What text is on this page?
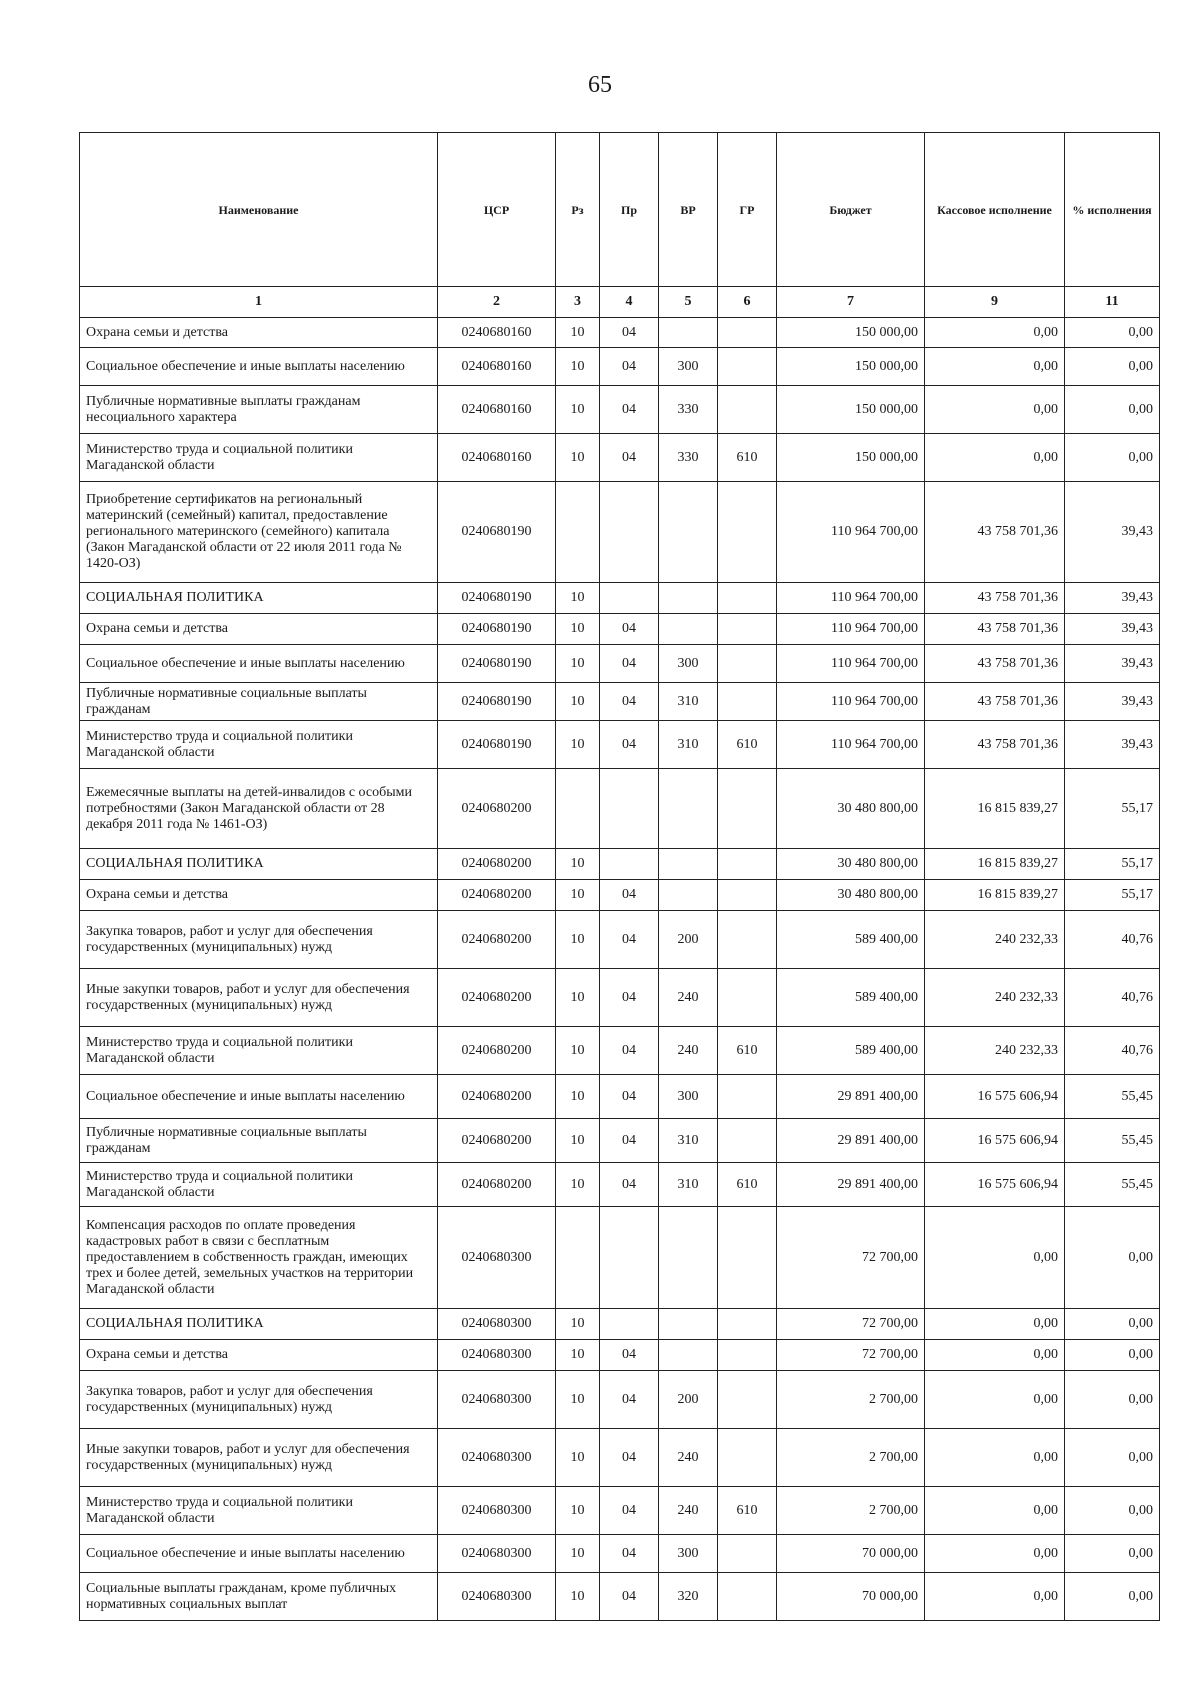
65
Наименование	ЦСР	Рз	Пр	ВР	ГР	Бюджет	Кассовое исполнение	% исполнения
1	2	3	4	5	6	7	9	11
Охрана семьи и детства	0240680160	10	04			150 000,00	0,00	0,00
Социальное обеспечение и иные выплаты населению	0240680160	10	04	300		150 000,00	0,00	0,00
Публичные нормативные выплаты гражданам несоциального характера	0240680160	10	04	330		150 000,00	0,00	0,00
Министерство труда и социальной политики Магаданской области	0240680160	10	04	330	610	150 000,00	0,00	0,00
Приобретение сертификатов на региональный материнский (семейный) капитал, предоставление регионального материнского (семейного) капитала (Закон Магаданской области от 22 июля 2011 года № 1420-ОЗ)	0240680190					110 964 700,00	43 758 701,36	39,43
СОЦИАЛЬНАЯ ПОЛИТИКА	0240680190	10				110 964 700,00	43 758 701,36	39,43
Охрана семьи и детства	0240680190	10	04			110 964 700,00	43 758 701,36	39,43
Социальное обеспечение и иные выплаты населению	0240680190	10	04	300		110 964 700,00	43 758 701,36	39,43
Публичные нормативные социальные выплаты гражданам	0240680190	10	04	310		110 964 700,00	43 758 701,36	39,43
Министерство труда и социальной политики Магаданской области	0240680190	10	04	310	610	110 964 700,00	43 758 701,36	39,43
Ежемесячные выплаты на детей-инвалидов с особыми потребностями (Закон Магаданской области от 28 декабря 2011 года № 1461-ОЗ)	0240680200					30 480 800,00	16 815 839,27	55,17
СОЦИАЛЬНАЯ ПОЛИТИКА	0240680200	10				30 480 800,00	16 815 839,27	55,17
Охрана семьи и детства	0240680200	10	04			30 480 800,00	16 815 839,27	55,17
Закупка товаров, работ и услуг для обеспечения государственных (муниципальных) нужд	0240680200	10	04	200		589 400,00	240 232,33	40,76
Иные закупки товаров, работ и услуг для обеспечения государственных (муниципальных) нужд	0240680200	10	04	240		589 400,00	240 232,33	40,76
Министерство труда и социальной политики Магаданской области	0240680200	10	04	240	610	589 400,00	240 232,33	40,76
Социальное обеспечение и иные выплаты населению	0240680200	10	04	300		29 891 400,00	16 575 606,94	55,45
Публичные нормативные социальные выплаты гражданам	0240680200	10	04	310		29 891 400,00	16 575 606,94	55,45
Министерство труда и социальной политики Магаданской области	0240680200	10	04	310	610	29 891 400,00	16 575 606,94	55,45
Компенсация расходов по оплате проведения кадастровых работ в связи с бесплатным предоставлением в собственность граждан, имеющих трех и более детей, земельных участков на территории Магаданской области	0240680300					72 700,00	0,00	0,00
СОЦИАЛЬНАЯ ПОЛИТИКА	0240680300	10				72 700,00	0,00	0,00
Охрана семьи и детства	0240680300	10	04			72 700,00	0,00	0,00
Закупка товаров, работ и услуг для обеспечения государственных (муниципальных) нужд	0240680300	10	04	200		2 700,00	0,00	0,00
Иные закупки товаров, работ и услуг для обеспечения государственных (муниципальных) нужд	0240680300	10	04	240		2 700,00	0,00	0,00
Министерство труда и социальной политики Магаданской области	0240680300	10	04	240	610	2 700,00	0,00	0,00
Социальное обеспечение и иные выплаты населению	0240680300	10	04	300		70 000,00	0,00	0,00
Социальные выплаты гражданам, кроме публичных нормативных социальных выплат	0240680300	10	04	320		70 000,00	0,00	0,00
